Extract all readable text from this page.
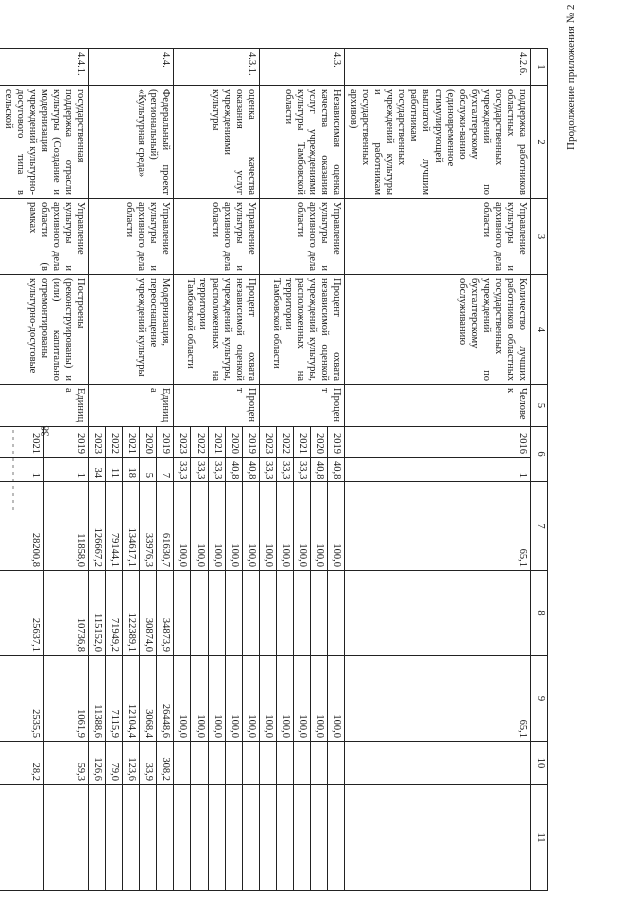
38
Продолжение приложения № 2
1	2	3	4	5	6		7	8	9	10	11
4.2.6.	поддержка работников областных государственных учреждений по бухгалтерскому обслужи-ванию (единовременное стимулирующей выплатой лучшим работникам государственных учреждений культуры и работникам государственных архивов)	Управление культуры и архивного дела области	Количество лучших работников областных государственных учреждений по бухгалтерскому обслуживанию	Человек	2016	1	65,1		65,1		
4.3.	Независимая оценка качества оказания услуг учреждениями культуры Тамбовской области	Управление культуры и архивного дела области	Процент охвата независимой оценкой учреждений культуры, расположенных на территории Тамбовской области	Процент	2019	40,8	100,0		100,0		
					2020	40,8	100,0		100,0		
					2021	33,3	100,0		100,0		
					2022	33,3	100,0		100,0		
					2023	33,3	100,0		100,0		
4.3.1.	оценка качества оказания услуг учреждениями культуры	Управление культуры и архивного дела области	Процент охвата независимой оценкой учреждений культуры, расположенных на территории Тамбовской области	Процент	2019	40,8	100,0		100,0		
					2020	40,8	100,0		100,0		
					2021	33,3	100,0		100,0		
					2022	33,3	100,0		100,0		
					2023	33,3	100,0		100,0		
4.4.	Федеральный проект (региональный) «Культурная среда»	Управление культуры и архивного дела области	Модернизация, переоснащение учреждений культуры	Единица	2019	7	61630,7	34873,9	26448,6	308,2	
					2020	5	33976,3	30874,0	3068,4	33,9	
					2021	18	134617,1	122389,1	12104,4	123,6	
					2022	11	79144,1	71949,2	7115,9	79,0	
					2023	34	126667,2	115152,0	11388,6	126,6	
4.4.1.	государственная поддержка отрасли культуры (Создание и модернизация учреждений культурно-досугового типа в сельской	Управление культуры и архивного дела области (в рамках	Построены (реконструированы) и (или) капитально отремонтированы культурно-досуговые	Единица	2019	1	11858,0	10736,8	1061,9	59,3	
					2021	1	28200,8	25637,1	2535,5	28,2	
